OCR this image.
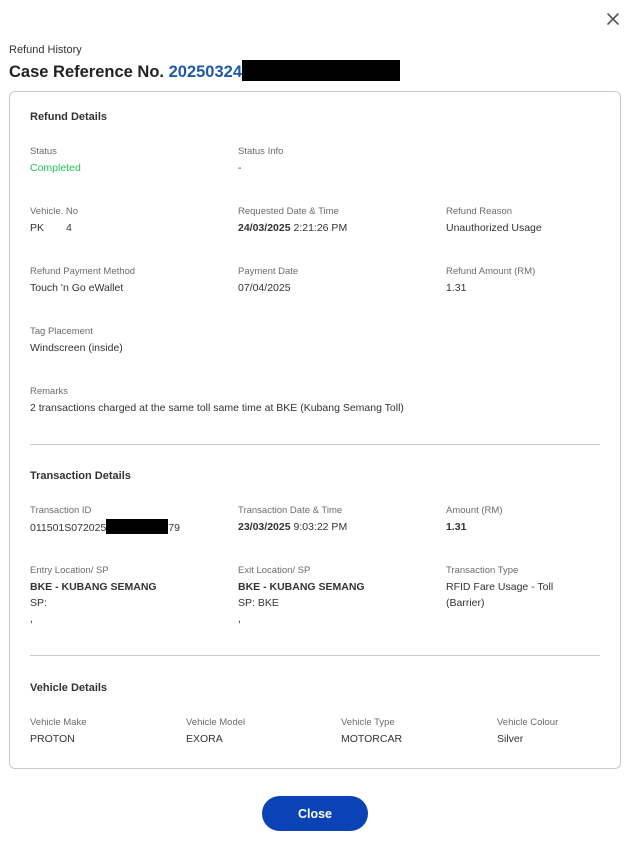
Refund History
Case Reference No. 20250324
Refund Details
Status
Completed
Status Info
-
Vehicle. No
PK 4
Requested Date & Time
24/03/2025 2:21:26 PM
Refund Reason
Unauthorized Usage
Refund Payment Method
Touch 'n Go eWallet
Payment Date
07/04/2025
Refund Amount (RM)
1.31
Tag Placement
Windscreen (inside)
Remarks
2 transactions charged at the same toll same time at BKE (Kubang Semang Toll)
Transaction Details
Transaction ID
011501S072025	79
Transaction Date & Time
23/03/2025 9:03:22 PM
Amount (RM)
1.31
Entry Location/ SP
BKE - KUBANG SEMANG
SP:
,
Exit Location/ SP
BKE - KUBANG SEMANG
SP: BKE
,
Transaction Type
RFID Fare Usage - Toll
(Barrier)
Vehicle Details
Vehicle Make
PROTON
Vehicle Model
EXORA
Vehicle Type
MOTORCAR
Vehicle Colour
Silver
Close
